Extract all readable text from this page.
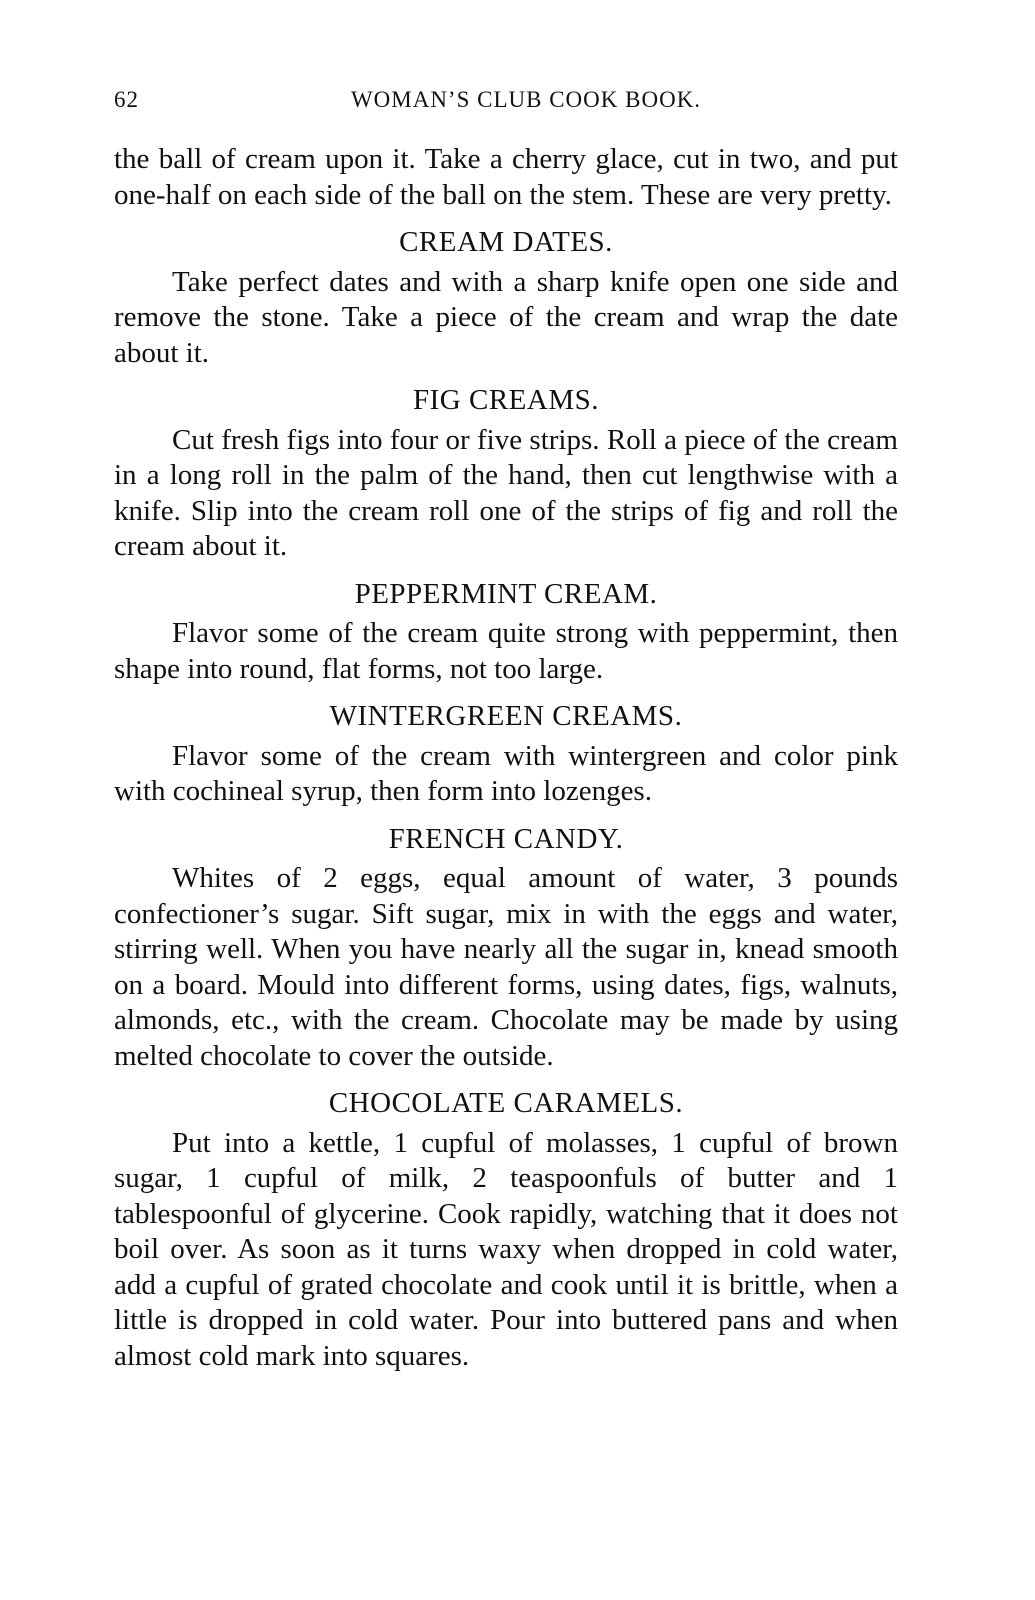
62	WOMAN’S CLUB COOK BOOK.

the ball of cream upon it. Take a cherry glace, cut in two, and put one-half on each side of the ball on the stem. These are very pretty.

CREAM DATES.

Take perfect dates and with a sharp knife open one side and remove the stone. Take a piece of the cream and wrap the date about it.

FIG CREAMS.

Cut fresh figs into four or five strips. Roll a piece of the cream in a long roll in the palm of the hand, then cut lengthwise with a knife. Slip into the cream roll one of the strips of fig and roll the cream about it.

PEPPERMINT CREAM.

Flavor some of the cream quite strong with peppermint, then shape into round, flat forms, not too large.

WINTERGREEN CREAMS.

Flavor some of the cream with wintergreen and color pink with cochineal syrup, then form into lozenges.

FRENCH CANDY.

Whites of 2 eggs, equal amount of water, 3 pounds confectioner’s sugar. Sift sugar, mix in with the eggs and water, stirring well. When you have nearly all the sugar in, knead smooth on a board. Mould into different forms, using dates, figs, walnuts, almonds, etc., with the cream. Chocolate may be made by using melted chocolate to cover the outside.

CHOCOLATE CARAMELS.

Put into a kettle, 1 cupful of molasses, 1 cupful of brown sugar, 1 cupful of milk, 2 teaspoonfuls of butter and 1 tablespoonful of glycerine. Cook rapidly, watching that it does not boil over. As soon as it turns waxy when dropped in cold water, add a cupful of grated chocolate and cook until it is brittle, when a little is dropped in cold water. Pour into buttered pans and when almost cold mark into squares.
